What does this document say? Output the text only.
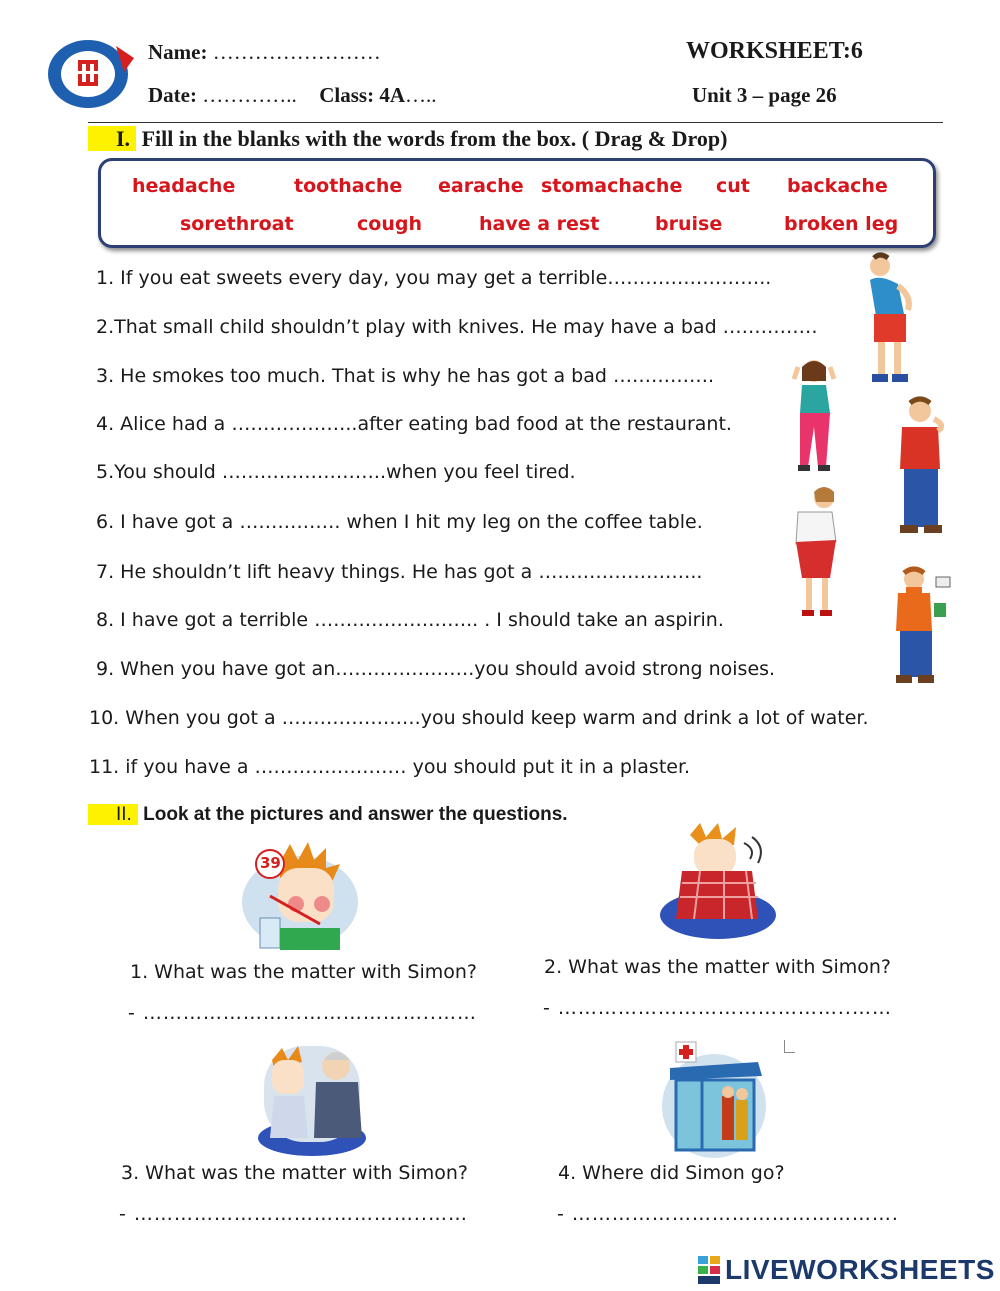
Name: ……………………
Date: ………….. Class: 4A…..
WORKSHEET:6
Unit 3 – page 26
I. Fill in the blanks with the words from the box. ( Drag & Drop)
headache	toothache earache stomachache cut backache
sorethroat	cough	have a rest	bruise	broken leg
1. If you eat sweets every day, you may get a terrible……………………..
2.That small child shouldn’t play with knives. He may have a bad ……………
3. He smokes too much. That is why he has got a bad …………….
4. Alice had a ………………..after eating bad food at the restaurant.
5.You should ……………………..when you feel tired.
6. I have got a ……………. when I hit my leg on the coffee table.
7. He shouldn’t lift heavy things. He has got a ……………………..
8. I have got a terrible …………………….. . I should take an aspirin.
9. When you have got an………………….you should avoid strong noises.
10. When you got a ………………….you should keep warm and drink a lot of water.
11. if you have a …………………… you should put it in a plaster.
II. Look at the pictures and answer the questions.
39
1. What was the matter with Simon?
- ……………………………………..……
2. What was the matter with Simon?
- ……………………………………..……
3. What was the matter with Simon?
- ……………………………………..……
4. Where did Simon go?
- ………………………………………….
LIVEWORKSHEETS
